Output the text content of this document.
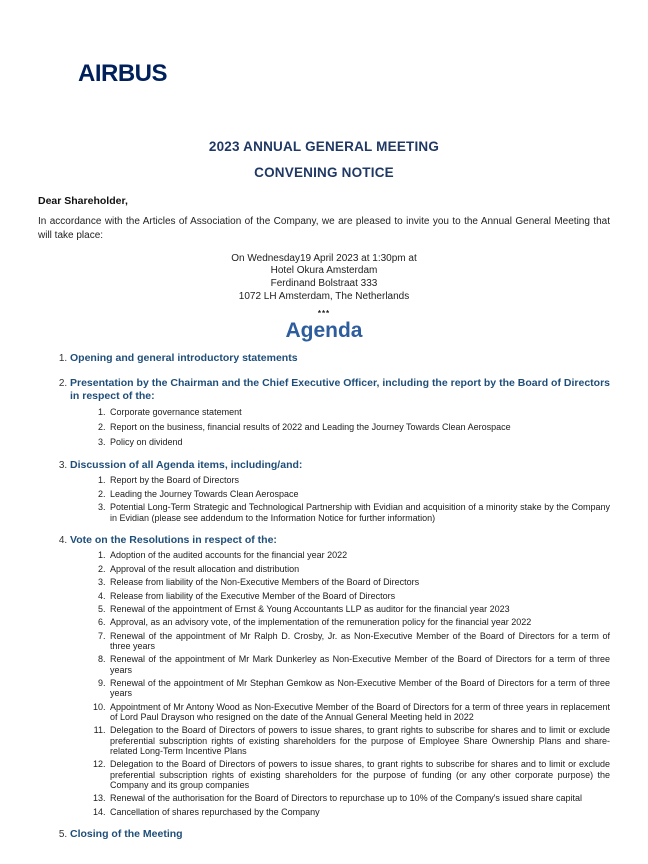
AIRBUS
2023 ANNUAL GENERAL MEETING
CONVENING NOTICE
Dear Shareholder,
In accordance with the Articles of Association of the Company, we are pleased to invite you to the Annual General Meeting that will take place:
On Wednesday19 April 2023 at 1:30pm at
Hotel Okura Amsterdam
Ferdinand Bolstraat 333
1072 LH Amsterdam, The Netherlands
***
Agenda
1. Opening and general introductory statements
2. Presentation by the Chairman and the Chief Executive Officer, including the report by the Board of Directors in respect of the:
1. Corporate governance statement
2. Report on the business, financial results of 2022 and Leading the Journey Towards Clean Aerospace
3. Policy on dividend
3. Discussion of all Agenda items, including/and:
1. Report by the Board of Directors
2. Leading the Journey Towards Clean Aerospace
3. Potential Long-Term Strategic and Technological Partnership with Evidian and acquisition of a minority stake by the Company in Evidian (please see addendum to the Information Notice for further information)
4. Vote on the Resolutions in respect of the:
1. Adoption of the audited accounts for the financial year 2022
2. Approval of the result allocation and distribution
3. Release from liability of the Non-Executive Members of the Board of Directors
4. Release from liability of the Executive Member of the Board of Directors
5. Renewal of the appointment of Ernst & Young Accountants LLP as auditor for the financial year 2023
6. Approval, as an advisory vote, of the implementation of the remuneration policy for the financial year 2022
7. Renewal of the appointment of Mr Ralph D. Crosby, Jr. as Non-Executive Member of the Board of Directors for a term of three years
8. Renewal of the appointment of Mr Mark Dunkerley as Non-Executive Member of the Board of Directors for a term of three years
9. Renewal of the appointment of Mr Stephan Gemkow as Non-Executive Member of the Board of Directors for a term of three years
10. Appointment of Mr Antony Wood as Non-Executive Member of the Board of Directors for a term of three years in replacement of Lord Paul Drayson who resigned on the date of the Annual General Meeting held in 2022
11. Delegation to the Board of Directors of powers to issue shares, to grant rights to subscribe for shares and to limit or exclude preferential subscription rights of existing shareholders for the purpose of Employee Share Ownership Plans and share-related Long-Term Incentive Plans
12. Delegation to the Board of Directors of powers to issue shares, to grant rights to subscribe for shares and to limit or exclude preferential subscription rights of existing shareholders for the purpose of funding (or any other corporate purpose) the Company and its group companies
13. Renewal of the authorisation for the Board of Directors to repurchase up to 10% of the Company's issued share capital
14. Cancellation of shares repurchased by the Company
5. Closing of the Meeting
